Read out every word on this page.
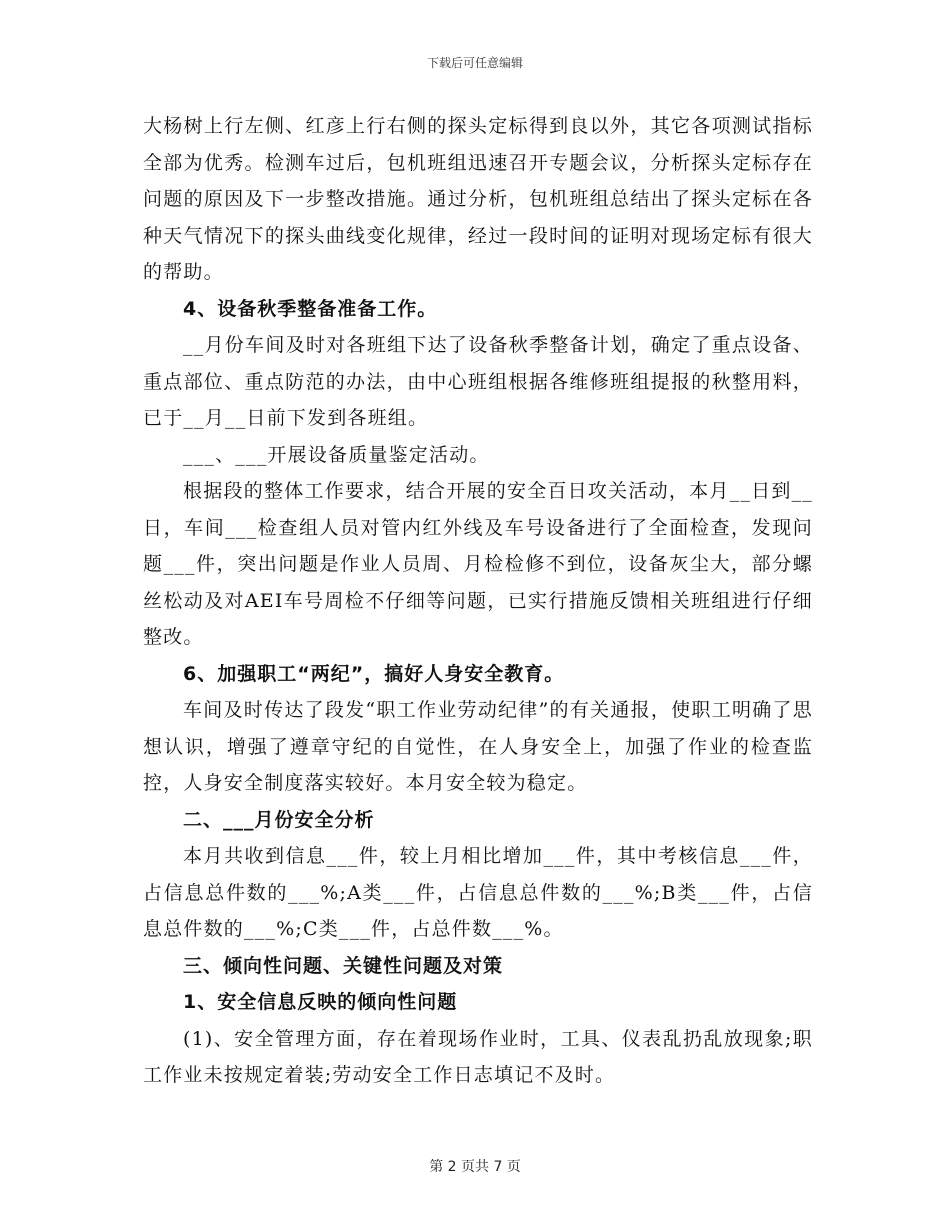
下载后可任意编辑
大杨树上行左侧、红彦上行右侧的探头定标得到良以外，其它各项测试指标全部为优秀。检测车过后，包机班组迅速召开专题会议，分析探头定标存在问题的原因及下一步整改措施。通过分析，包机班组总结出了探头定标在各种天气情况下的探头曲线变化规律，经过一段时间的证明对现场定标有很大的帮助。
4、设备秋季整备准备工作。
__月份车间及时对各班组下达了设备秋季整备计划，确定了重点设备、重点部位、重点防范的办法，由中心班组根据各维修班组提报的秋整用料，已于__月__日前下发到各班组。
___、___开展设备质量鉴定活动。
根据段的整体工作要求，结合开展的安全百日攻关活动，本月__日到__日，车间___检查组人员对管内红外线及车号设备进行了全面检查，发现问题___件，突出问题是作业人员周、月检检修不到位，设备灰尘大，部分螺丝松动及对AEI车号周检不仔细等问题，已实行措施反馈相关班组进行仔细整改。
6、加强职工“两纪”，搞好人身安全教育。
车间及时传达了段发“职工作业劳动纪律”的有关通报，使职工明确了思想认识，增强了遵章守纪的自觉性，在人身安全上，加强了作业的检查监控，人身安全制度落实较好。本月安全较为稳定。
二、___月份安全分析
本月共收到信息___件，较上月相比增加___件，其中考核信息___件，占信息总件数的___%;A类___件，占信息总件数的___%;B类___件，占信息总件数的___%;C类___件，占总件数___%。
三、倾向性问题、关键性问题及对策
1、安全信息反映的倾向性问题
(1)、安全管理方面，存在着现场作业时，工具、仪表乱扔乱放现象;职工作业未按规定着装;劳动安全工作日志填记不及时。
第 2 页共 7 页
